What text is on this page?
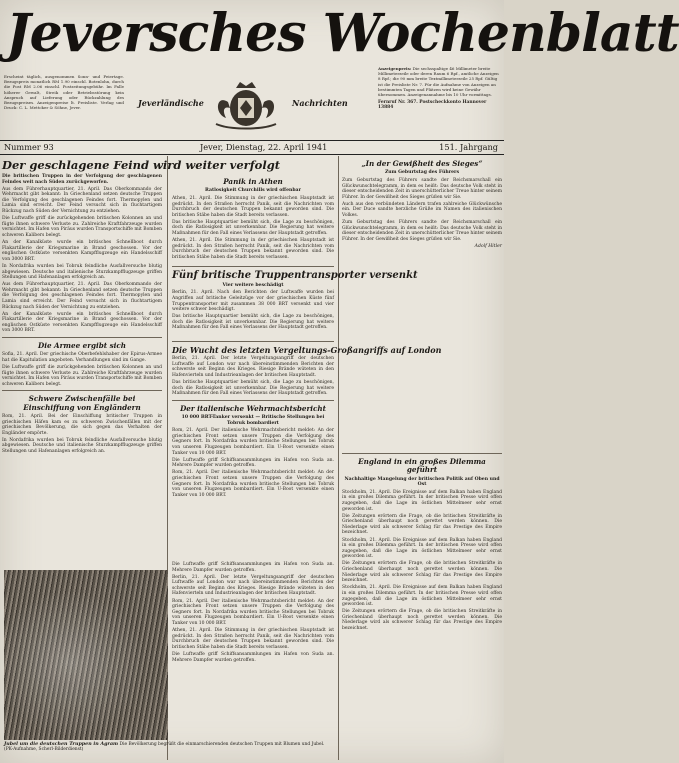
Jeversches Wochenblatt
Erscheint täglich, ausgenommen Sonn- und Feiertage. Bezugspreis monatlich RM 1.90 einschl. Botenlohn, durch die Post RM 2.06 einschl. Postzeitungsgebühr. Im Falle höherer Gewalt, Streik oder Betriebsstörung kein Anspruch auf Lieferung oder Rückzahlung des Bezugspreises. Anzeigenpreise lt. Preisliste. Verlag und Druck: C. L. Mettcker & Söhne, Jever.	Jeverländische	Nachrichten
Anzeigenpreis: Die sechsspaltige 46 Millimeter breite Millimeterzeile oder deren Raum 6 Rpf., amtliche Anzeigen 8 Rpf.; die 90 mm breite Textmillimeterzeile 25 Rpf. Gültig ist die Preisliste Nr. 7. Für die Aufnahme von Anzeigen an bestimmten Tagen und Plätzen wird keine Gewähr übernommen. Anzeigenannahme bis 10 Uhr vormittags.
Fernruf Nr. 367. Postscheckkonto Hannover 13884
Nummer 93	Jever, Dienstag, 22. April 1941	151. Jahrgang
Der geschlagene Feind wird weiter verfolgt

Die britischen Truppen in der Verfolgung der geschlagenen Feindes weit nach Süden zurückgeworfen.

Aus dem Führerhauptquartier, 21. April. Das Oberkommando der Wehrmacht gibt bekannt: In Griechenland setzen deutsche Truppen die Verfolgung des geschlagenen Feindes fort. Thermopylen und Lamia sind erreicht. Der Feind versucht sich in fluchtartigem Rückzug nach Süden der Vernichtung zu entziehen.

Die Luftwaffe griff die zurückgehenden britischen Kolonnen an und fügte ihnen schwere Verluste zu. Zahlreiche Kraftfahrzeuge wurden vernichtet. Im Hafen von Piräus wurden Transportschiffe mit Bomben schweren Kalibers belegt.

An der Kanalküste wurde ein britisches Schnellboot durch Flakartillerie der Kriegsmarine in Brand geschossen. Vor der englischen Ostküste versenkten Kampfflugzeuge ein Handelsschiff von 3000 BRT.

In Nordafrika wurden bei Tobruk feindliche Ausfallversuche blutig abgewiesen. Deutsche und italienische Sturzkampfflugzeuge griffen Stellungen und Hafenanlagen erfolgreich an.

Aus dem Führerhauptquartier, 21. April. Das Oberkommando der Wehrmacht gibt bekannt: In Griechenland setzen deutsche Truppen die Verfolgung des geschlagenen Feindes fort. Thermopylen und Lamia sind erreicht. Der Feind versucht sich in fluchtartigem Rückzug nach Süden der Vernichtung zu entziehen.

An der Kanalküste wurde ein britisches Schnellboot durch Flakartillerie der Kriegsmarine in Brand geschossen. Vor der englischen Ostküste versenkten Kampfflugzeuge ein Handelsschiff von 3000 BRT.

Die Armee ergibt sich

Sofia, 21. April. Der griechische Oberbefehlshaber der Epirus-Armee hat die Kapitulation angeboten. Verhandlungen sind im Gange.

Die Luftwaffe griff die zurückgehenden britischen Kolonnen an und fügte ihnen schwere Verluste zu. Zahlreiche Kraftfahrzeuge wurden vernichtet. Im Hafen von Piräus wurden Transportschiffe mit Bomben schweren Kalibers belegt.

Schwere Zwischenfälle bei Einschiffung von Engländern

Rom, 21. April. Bei der Einschiffung britischer Truppen in griechischen Häfen kam es zu schweren Zwischenfällen mit der griechischen Bevölkerung, die sich gegen das Verhalten der Engländer empörte.

In Nordafrika wurden bei Tobruk feindliche Ausfallversuche blutig abgewiesen. Deutsche und italienische Sturzkampfflugzeuge griffen Stellungen und Hafenanlagen erfolgreich an.

Panik in Athen
Ratlosigkeit Churchills wird offenbar

Athen, 21. April. Die Stimmung in der griechischen Hauptstadt ist gedrückt. In den Straßen herrscht Panik, seit die Nachrichten vom Durchbruch der deutschen Truppen bekannt geworden sind. Die britischen Stäbe haben die Stadt bereits verlassen.

Das britische Hauptquartier bemüht sich, die Lage zu beschönigen, doch die Ratlosigkeit ist unverkennbar. Die Regierung hat weitere Maßnahmen für den Fall eines Verlassens der Hauptstadt getroffen.

Athen, 21. April. Die Stimmung in der griechischen Hauptstadt ist gedrückt. In den Straßen herrscht Panik, seit die Nachrichten vom Durchbruch der deutschen Truppen bekannt geworden sind. Die britischen Stäbe haben die Stadt bereits verlassen.

Fünf britische Truppentransporter versenkt
Vier weitere beschädigt

Berlin, 21. April. Nach den Berichten der Luftwaffe wurden bei Angriffen auf britische Geleitzüge vor der griechischen Küste fünf Truppentransporter mit zusammen 38 000 BRT versenkt und vier weitere schwer beschädigt.

Das britische Hauptquartier bemüht sich, die Lage zu beschönigen, doch die Ratlosigkeit ist unverkennbar. Die Regierung hat weitere Maßnahmen für den Fall eines Verlassens der Hauptstadt getroffen.

„In der Gewißheit des Sieges“
Zum Geburtstag des Führers

Zum Geburtstag des Führers sandte der Reichsmarschall ein Glückwunschtelegramm, in dem es heißt: Das deutsche Volk steht in dieser entscheidenden Zeit in unerschütterlicher Treue hinter seinem Führer. In der Gewißheit des Sieges grüßen wir Sie.

Auch aus den verbündeten Ländern trafen zahlreiche Glückwünsche ein. Der Duce sandte herzliche Grüße im Namen des italienischen Volkes.

Zum Geburtstag des Führers sandte der Reichsmarschall ein Glückwunschtelegramm, in dem es heißt: Das deutsche Volk steht in dieser entscheidenden Zeit in unerschütterlicher Treue hinter seinem Führer. In der Gewißheit des Sieges grüßen wir Sie.

Adolf Hitler
England in ein großes Dilemma geführt
Nachhaltige Mangelung der britischen Politik auf Oben und Ost

Stockholm, 21. April. Die Ereignisse auf dem Balkan haben England in ein großes Dilemma geführt. In der britischen Presse wird offen zugegeben, daß die Lage im östlichen Mittelmeer sehr ernst geworden ist.

Die Zeitungen erörtern die Frage, ob die britischen Streitkräfte in Griechenland überhaupt noch gerettet werden können. Die Niederlage wird als schwerer Schlag für das Prestige des Empire bezeichnet.

Stockholm, 21. April. Die Ereignisse auf dem Balkan haben England in ein großes Dilemma geführt. In der britischen Presse wird offen zugegeben, daß die Lage im östlichen Mittelmeer sehr ernst geworden ist.

Die Zeitungen erörtern die Frage, ob die britischen Streitkräfte in Griechenland überhaupt noch gerettet werden können. Die Niederlage wird als schwerer Schlag für das Prestige des Empire bezeichnet.

Stockholm, 21. April. Die Ereignisse auf dem Balkan haben England in ein großes Dilemma geführt. In der britischen Presse wird offen zugegeben, daß die Lage im östlichen Mittelmeer sehr ernst geworden ist.

Die Zeitungen erörtern die Frage, ob die britischen Streitkräfte in Griechenland überhaupt noch gerettet werden können. Die Niederlage wird als schwerer Schlag für das Prestige des Empire bezeichnet.

Die Wucht des letzten Vergeltungs-Großangriffs auf London

Berlin, 21. April. Der letzte Vergeltungsangriff der deutschen Luftwaffe auf London war nach übereinstimmenden Berichten der schwerste seit Beginn des Krieges. Riesige Brände wüteten in den Hafenvierteln und Industrieanlagen der britischen Hauptstadt.

Das britische Hauptquartier bemüht sich, die Lage zu beschönigen, doch die Ratlosigkeit ist unverkennbar. Die Regierung hat weitere Maßnahmen für den Fall eines Verlassens der Hauptstadt getroffen.

Der italienische Wehrmachtsbericht
10 000 BRT-Tanker versenkt — Britische Stellungen bei Tobruk bombardiert

Rom, 21. April. Der italienische Wehrmachtsbericht meldet: An der griechischen Front setzen unsere Truppen die Verfolgung des Gegners fort. In Nordafrika wurden britische Stellungen bei Tobruk von unseren Flugzeugen bombardiert. Ein U-Boot versenkte einen Tanker von 10 000 BRT.

Die Luftwaffe griff Schiffsansammlungen im Hafen von Suda an. Mehrere Dampfer wurden getroffen.

Rom, 21. April. Der italienische Wehrmachtsbericht meldet: An der griechischen Front setzen unsere Truppen die Verfolgung des Gegners fort. In Nordafrika wurden britische Stellungen bei Tobruk von unseren Flugzeugen bombardiert. Ein U-Boot versenkte einen Tanker von 10 000 BRT.

Die Luftwaffe griff Schiffsansammlungen im Hafen von Suda an. Mehrere Dampfer wurden getroffen.

Berlin, 21. April. Der letzte Vergeltungsangriff der deutschen Luftwaffe auf London war nach übereinstimmenden Berichten der schwerste seit Beginn des Krieges. Riesige Brände wüteten in den Hafenvierteln und Industrieanlagen der britischen Hauptstadt.

Rom, 21. April. Der italienische Wehrmachtsbericht meldet: An der griechischen Front setzen unsere Truppen die Verfolgung des Gegners fort. In Nordafrika wurden britische Stellungen bei Tobruk von unseren Flugzeugen bombardiert. Ein U-Boot versenkte einen Tanker von 10 000 BRT.

Athen, 21. April. Die Stimmung in der griechischen Hauptstadt ist gedrückt. In den Straßen herrscht Panik, seit die Nachrichten vom Durchbruch der deutschen Truppen bekannt geworden sind. Die britischen Stäbe haben die Stadt bereits verlassen.

Die Luftwaffe griff Schiffsansammlungen im Hafen von Suda an. Mehrere Dampfer wurden getroffen.

Jubel um die deutschen Truppen in Agram Die Bevölkerung begrüßt die einmarschierenden deutschen Truppen mit Blumen und Jubel. (PK-Aufnahme, Scherl-Bilderdienst)
